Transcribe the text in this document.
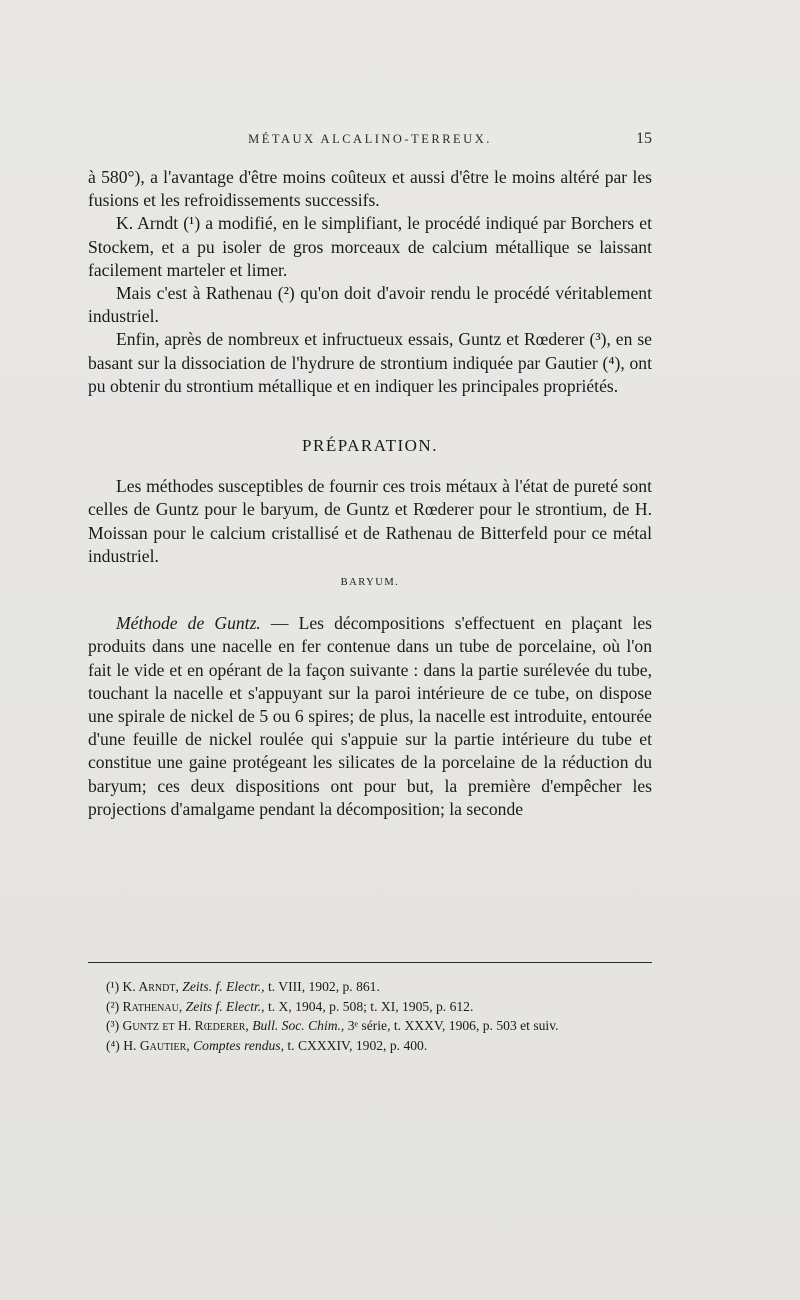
MÉTAUX ALCALINO-TERREUX.	15

à 580°), a l'avantage d'être moins coûteux et aussi d'être le moins altéré par les fusions et les refroidissements successifs.

K. Arndt (¹) a modifié, en le simplifiant, le procédé indiqué par Borchers et Stockem, et a pu isoler de gros morceaux de calcium métallique se laissant facilement marteler et limer.

Mais c'est à Rathenau (²) qu'on doit d'avoir rendu le procédé véritablement industriel.

Enfin, après de nombreux et infructueux essais, Guntz et Rœderer (³), en se basant sur la dissociation de l'hydrure de strontium indiquée par Gautier (⁴), ont pu obtenir du strontium métallique et en indiquer les principales propriétés.

PRÉPARATION.

Les méthodes susceptibles de fournir ces trois métaux à l'état de pureté sont celles de Guntz pour le baryum, de Guntz et Rœderer pour le strontium, de H. Moissan pour le calcium cristallisé et de Rathenau de Bitterfeld pour ce métal industriel.

BARYUM.

Méthode de Guntz. — Les décompositions s'effectuent en plaçant les produits dans une nacelle en fer contenue dans un tube de porcelaine, où l'on fait le vide et en opérant de la façon suivante : dans la partie surélevée du tube, touchant la nacelle et s'appuyant sur la paroi intérieure de ce tube, on dispose une spirale de nickel de 5 ou 6 spires; de plus, la nacelle est introduite, entourée d'une feuille de nickel roulée qui s'appuie sur la partie intérieure du tube et constitue une gaine protégeant les silicates de la porcelaine de la réduction du baryum; ces deux dispositions ont pour but, la première d'empêcher les projections d'amalgame pendant la décomposition; la seconde

(¹) K. Arndt, Zeits. f. Electr., t. VIII, 1902, p. 861.

(²) Rathenau, Zeits f. Electr., t. X, 1904, p. 508; t. XI, 1905, p. 612.

(³) Guntz et H. Rœderer, Bull. Soc. Chim., 3ᵉ série, t. XXXV, 1906, p. 503 et suiv.

(⁴) H. Gautier, Comptes rendus, t. CXXXIV, 1902, p. 400.
